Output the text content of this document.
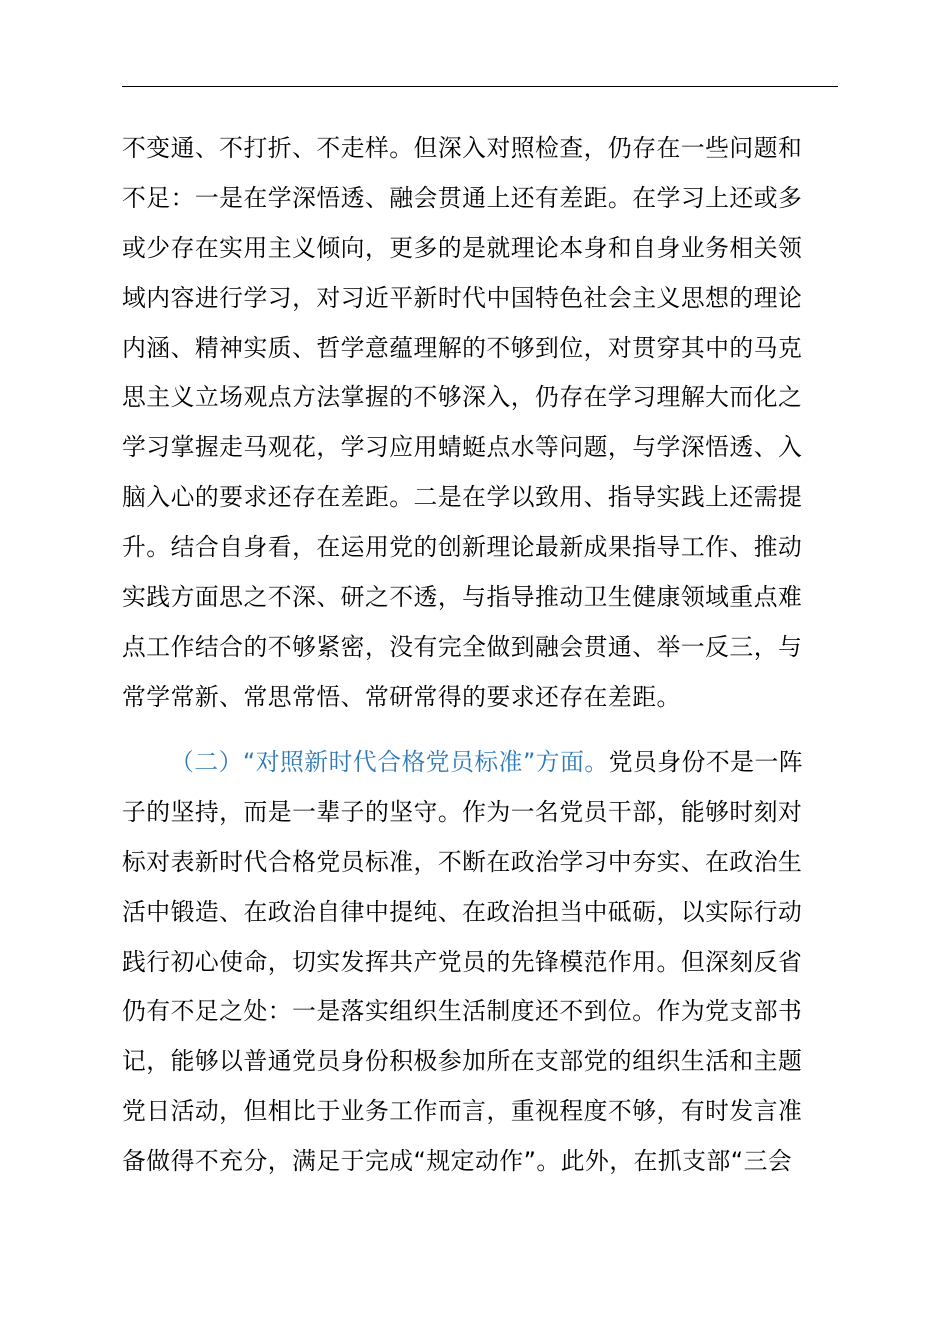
不变通、不打折、不走样。但深入对照检查，仍存在一些问题和
不足：一是在学深悟透、融会贯通上还有差距。在学习上还或多
或少存在实用主义倾向，更多的是就理论本身和自身业务相关领
域内容进行学习，对习近平新时代中国特色社会主义思想的理论
内涵、精神实质、哲学意蕴理解的不够到位，对贯穿其中的马克
思主义立场观点方法掌握的不够深入，仍存在学习理解大而化之
学习掌握走马观花，学习应用蜻蜓点水等问题，与学深悟透、入
脑入心的要求还存在差距。二是在学以致用、指导实践上还需提
升。结合自身看，在运用党的创新理论最新成果指导工作、推动
实践方面思之不深、研之不透，与指导推动卫生健康领域重点难
点工作结合的不够紧密，没有完全做到融会贯通、举一反三，与
常学常新、常思常悟、常研常得的要求还存在差距。
（二）“对照新时代合格党员标准”方面。党员身份不是一阵
子的坚持，而是一辈子的坚守。作为一名党员干部，能够时刻对
标对表新时代合格党员标准，不断在政治学习中夯实、在政治生
活中锻造、在政治自律中提纯、在政治担当中砥砺，以实际行动
践行初心使命，切实发挥共产党员的先锋模范作用。但深刻反省
仍有不足之处：一是落实组织生活制度还不到位。作为党支部书
记，能够以普通党员身份积极参加所在支部党的组织生活和主题
党日活动，但相比于业务工作而言，重视程度不够，有时发言准
备做得不充分，满足于完成“规定动作”。此外，在抓支部“三会
